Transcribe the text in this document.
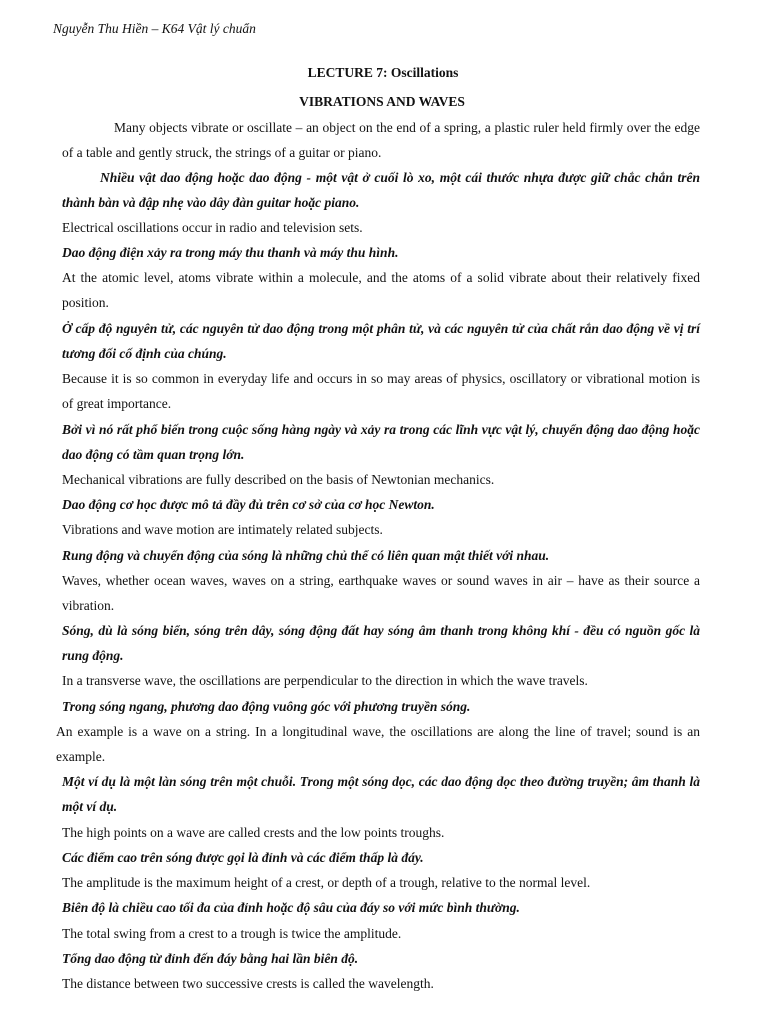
Nguyễn Thu Hiền – K64 Vật lý chuẩn
LECTURE 7: Oscillations
VIBRATIONS AND WAVES

Many objects vibrate or oscillate – an object on the end of a spring, a plastic ruler held firmly over the edge of a table and gently struck, the strings of a guitar or piano.

Nhiều vật dao động hoặc dao động - một vật ở cuối lò xo, một cái thước nhựa được giữ chắc chắn trên thành bàn và đập nhẹ vào dây đàn guitar hoặc piano.

Electrical oscillations occur in radio and television sets.

Dao động điện xảy ra trong máy thu thanh và máy thu hình.

At the atomic level, atoms vibrate within a molecule, and the atoms of a solid vibrate about their relatively fixed position.

Ở cấp độ nguyên tử, các nguyên tử dao động trong một phân tử, và các nguyên tử của chất rắn dao động về vị trí tương đối cố định của chúng.

Because it is so common in everyday life and occurs in so may areas of physics, oscillatory or vibrational motion is of great importance.

Bởi vì nó rất phổ biến trong cuộc sống hàng ngày và xảy ra trong các lĩnh vực vật lý, chuyển động dao động hoặc dao động có tầm quan trọng lớn.

Mechanical vibrations are fully described on the basis of Newtonian mechanics.

Dao động cơ học được mô tả đầy đủ trên cơ sở của cơ học Newton.

Vibrations and wave motion are intimately related subjects.

Rung động và chuyển động của sóng là những chủ thể có liên quan mật thiết với nhau.

Waves, whether ocean waves, waves on a string, earthquake waves or sound waves in air – have as their source a vibration.

Sóng, dù là sóng biển, sóng trên dây, sóng động đất hay sóng âm thanh trong không khí - đều có nguồn gốc là rung động.

In a transverse wave, the oscillations are perpendicular to the direction in which the wave travels.

Trong sóng ngang, phương dao động vuông góc với phương truyền sóng.

An example is a wave on a string. In a longitudinal wave, the oscillations are along the line of travel; sound is an example.

Một ví dụ là một làn sóng trên một chuỗi. Trong một sóng dọc, các dao động dọc theo đường truyền; âm thanh là một ví dụ.

The high points on a wave are called crests and the low points troughs.

Các điểm cao trên sóng được gọi là đỉnh và các điểm thấp là đáy.

The amplitude is the maximum height of a crest, or depth of a trough, relative to the normal level.

Biên độ là chiều cao tối đa của đỉnh hoặc độ sâu của đáy so với mức bình thường.

The total swing from a crest to a trough is twice the amplitude.

Tổng dao động từ đỉnh đến đáy bằng hai lần biên độ.

The distance between two successive crests is called the wavelength.
